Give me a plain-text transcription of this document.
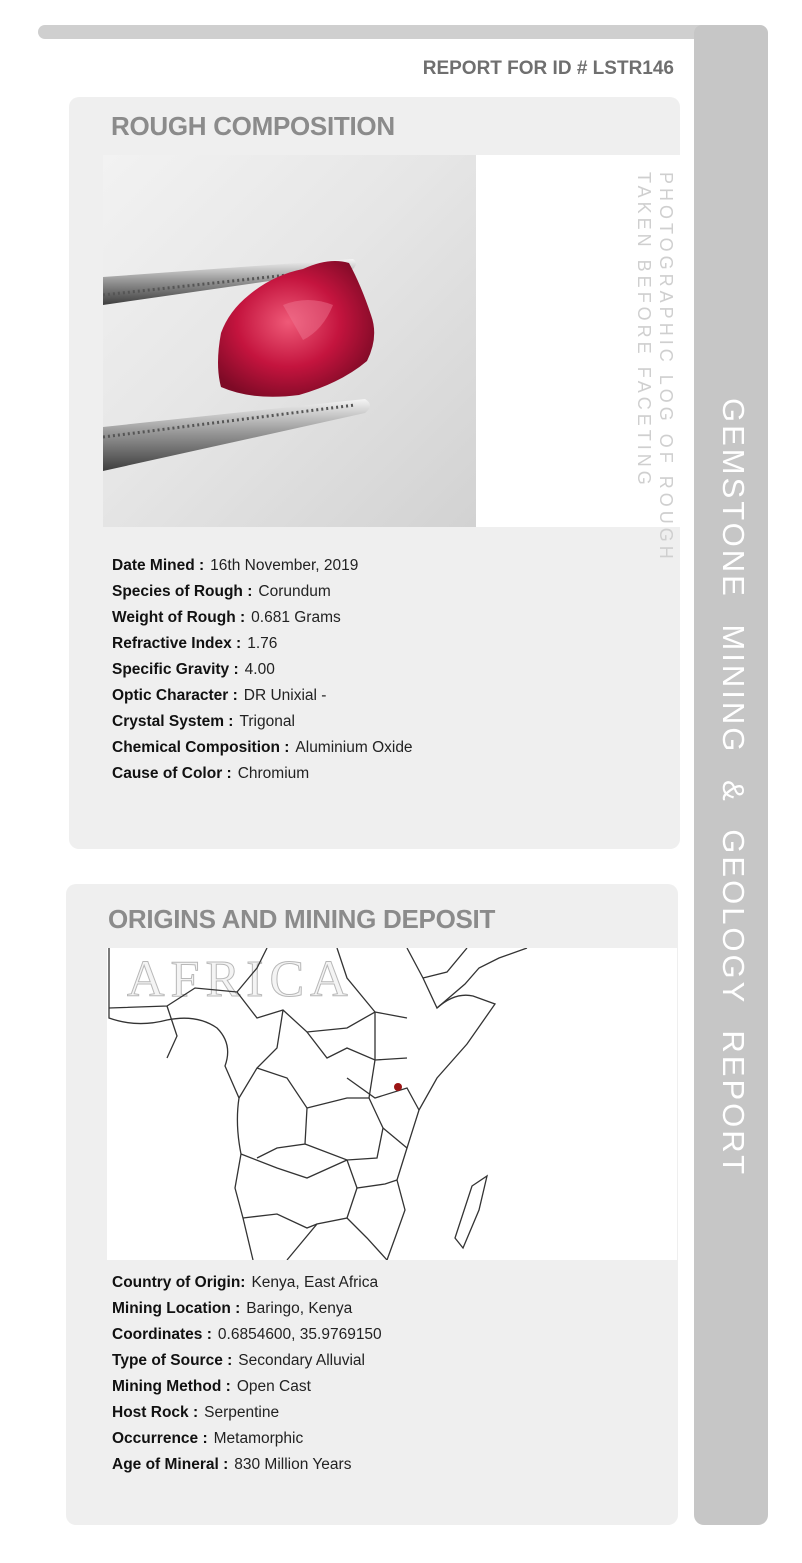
GEMSTONE MINING & GEOLOGY REPORT
REPORT FOR ID # LSTR146
ROUGH COMPOSITION
PHOTOGRAPHIC LOG OF ROUGH
TAKEN BEFORE FACETING
Date Mined : 16th November, 2019
Species of Rough : Corundum
Weight of Rough : 0.681 Grams
Refractive Index : 1.76
Specific Gravity : 4.00
Optic Character : DR Unixial -
Crystal System : Trigonal
Chemical Composition : Aluminium Oxide
Cause of Color : Chromium
ORIGINS AND MINING DEPOSIT
AFRICA
Country of Origin: Kenya, East Africa
Mining Location : Baringo, Kenya
Coordinates : 0.6854600, 35.9769150
Type of Source : Secondary Alluvial
Mining Method : Open Cast
Host Rock : Serpentine
Occurrence : Metamorphic
Age of Mineral : 830 Million Years
